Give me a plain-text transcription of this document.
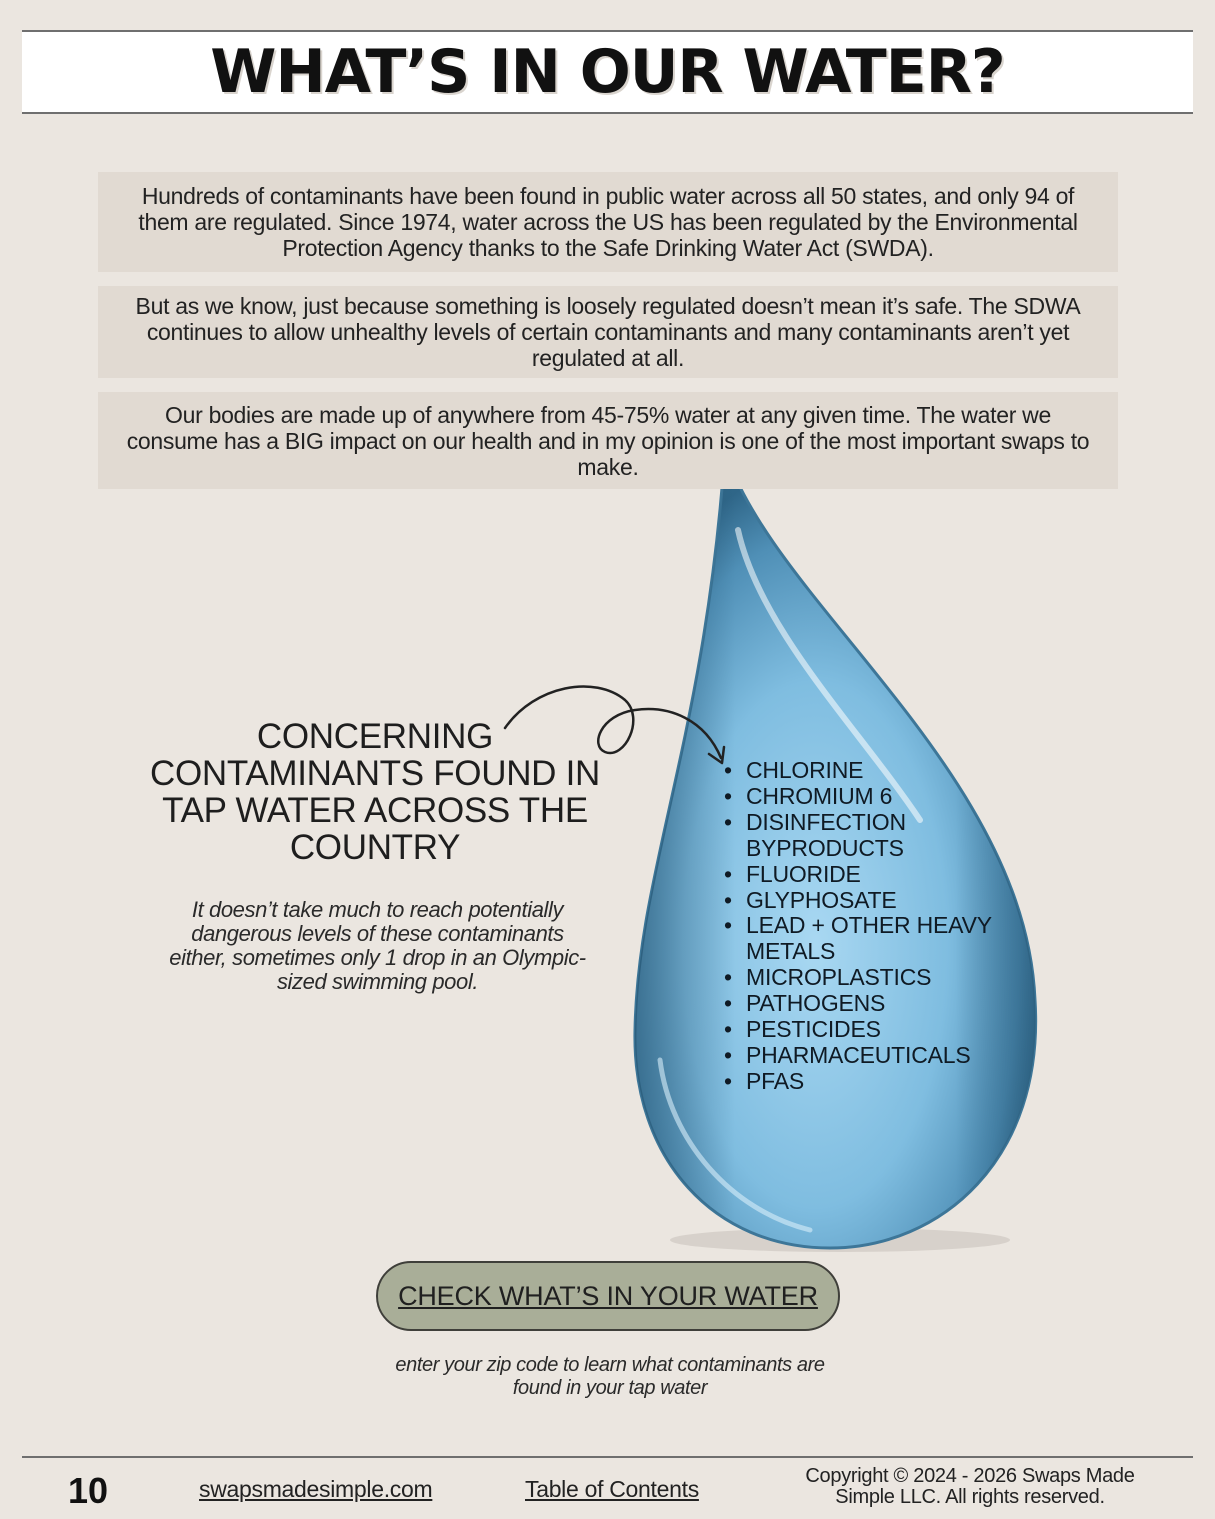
WHAT’S IN OUR WATER?
Hundreds of contaminants have been found in public water across all 50 states, and only 94 of them are regulated. Since 1974, water across the US has been regulated by the Environmental Protection Agency thanks to the Safe Drinking Water Act (SWDA).
But as we know, just because something is loosely regulated doesn’t mean it’s safe. The SDWA continues to allow unhealthy levels of certain contaminants and many contaminants aren’t yet regulated at all.
Our bodies are made up of anywhere from 45-75% water at any given time. The water we consume has a BIG impact on our health and in my opinion is one of the most important swaps to make.
CONCERNING CONTAMINANTS FOUND IN TAP WATER ACROSS THE COUNTRY
It doesn’t take much to reach potentially dangerous levels of these contaminants either, sometimes only 1 drop in an Olympic-sized swimming pool.
• CHLORINE
• CHROMIUM 6
• DISINFECTION BYPRODUCTS
• FLUORIDE
• GLYPHOSATE
• LEAD + OTHER HEAVY METALS
• MICROPLASTICS
• PATHOGENS
• PESTICIDES
• PHARMACEUTICALS
• PFAS
CHECK WHAT’S IN YOUR WATER
enter your zip code to learn what contaminants are found in your tap water
10	swapsmadesimple.com	Table of Contents	Copyright © 2024 - 2026 Swaps Made Simple LLC. All rights reserved.
